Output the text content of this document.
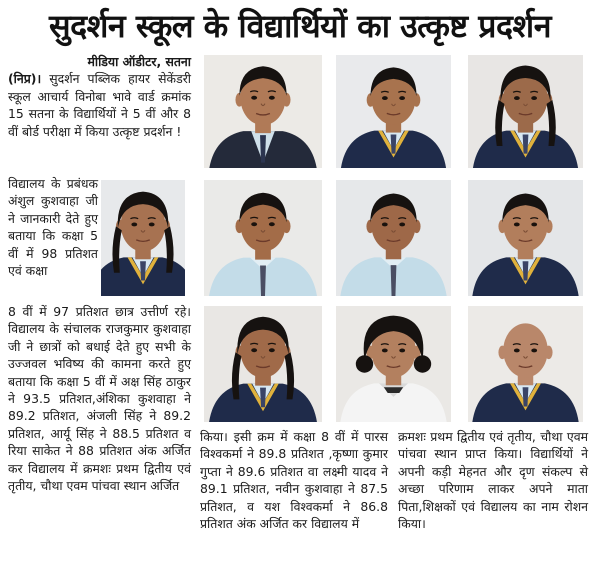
सुदर्शन स्कूल के विद्यार्थियों का उत्कृष्ट प्रदर्शन

मीडिया ऑडीटर, सतना
(निप्र)। सुदर्शन पब्लिक हायर सेकेंडरी स्कूल आचार्य विनोबा भावे वार्ड क्रमांक 15 सतना के विद्यार्थियों ने 5 वीं और 8 वीं बोर्ड परीक्षा में किया उत्कृष्ट प्रदर्शन !

विद्यालय के प्रबंधक अंशुल कुशवाहा जी ने जानकारी देते हुए बताया कि कक्षा 5 वीं में 98 प्रतिशत एवं कक्षा

8 वीं में 97 प्रतिशत छात्र उत्तीर्ण रहे। विद्यालय के संचालक राजकुमार कुशवाहा जी ने छात्रों को बधाई देते हुए सभी के उज्जवल भविष्य की कामना करते हुए बताया कि कक्षा 5 वीं में अक्ष सिंह ठाकुर ने 93.5 प्रतिशत,अंशिका कुशवाहा ने 89.2 प्रतिशत, अंजली सिंह ने 89.2 प्रतिशत, आर्यू सिंह ने 88.5 प्रतिशत व रिया साकेत ने 88 प्रतिशत अंक अर्जित कर विद्यालय में क्रमशः प्रथम द्वितीय एवं तृतीय, चौथा एवम पांचवा स्थान अर्जित

किया। इसी क्रम में कक्षा 8 वीं में पारस विश्वकर्मा ने 89.8 प्रतिशत ,कृष्णा कुमार गुप्ता ने 89.6 प्रतिशत वा लक्ष्मी यादव ने 89.1 प्रतिशत, नवीन कुशवाहा ने 87.5 प्रतिशत, व यश विश्वकर्मा ने 86.8 प्रतिशत अंक अर्जित कर विद्यालय में

क्रमशः प्रथम द्वितीय एवं तृतीय, चौथा एवम पांचवा स्थान प्राप्त किया। विद्यार्थियों ने अपनी कड़ी मेहनत और दृण संकल्प से अच्छा परिणाम लाकर अपने माता पिता,शिक्षकों एवं विद्यालय का नाम रोशन किया।
